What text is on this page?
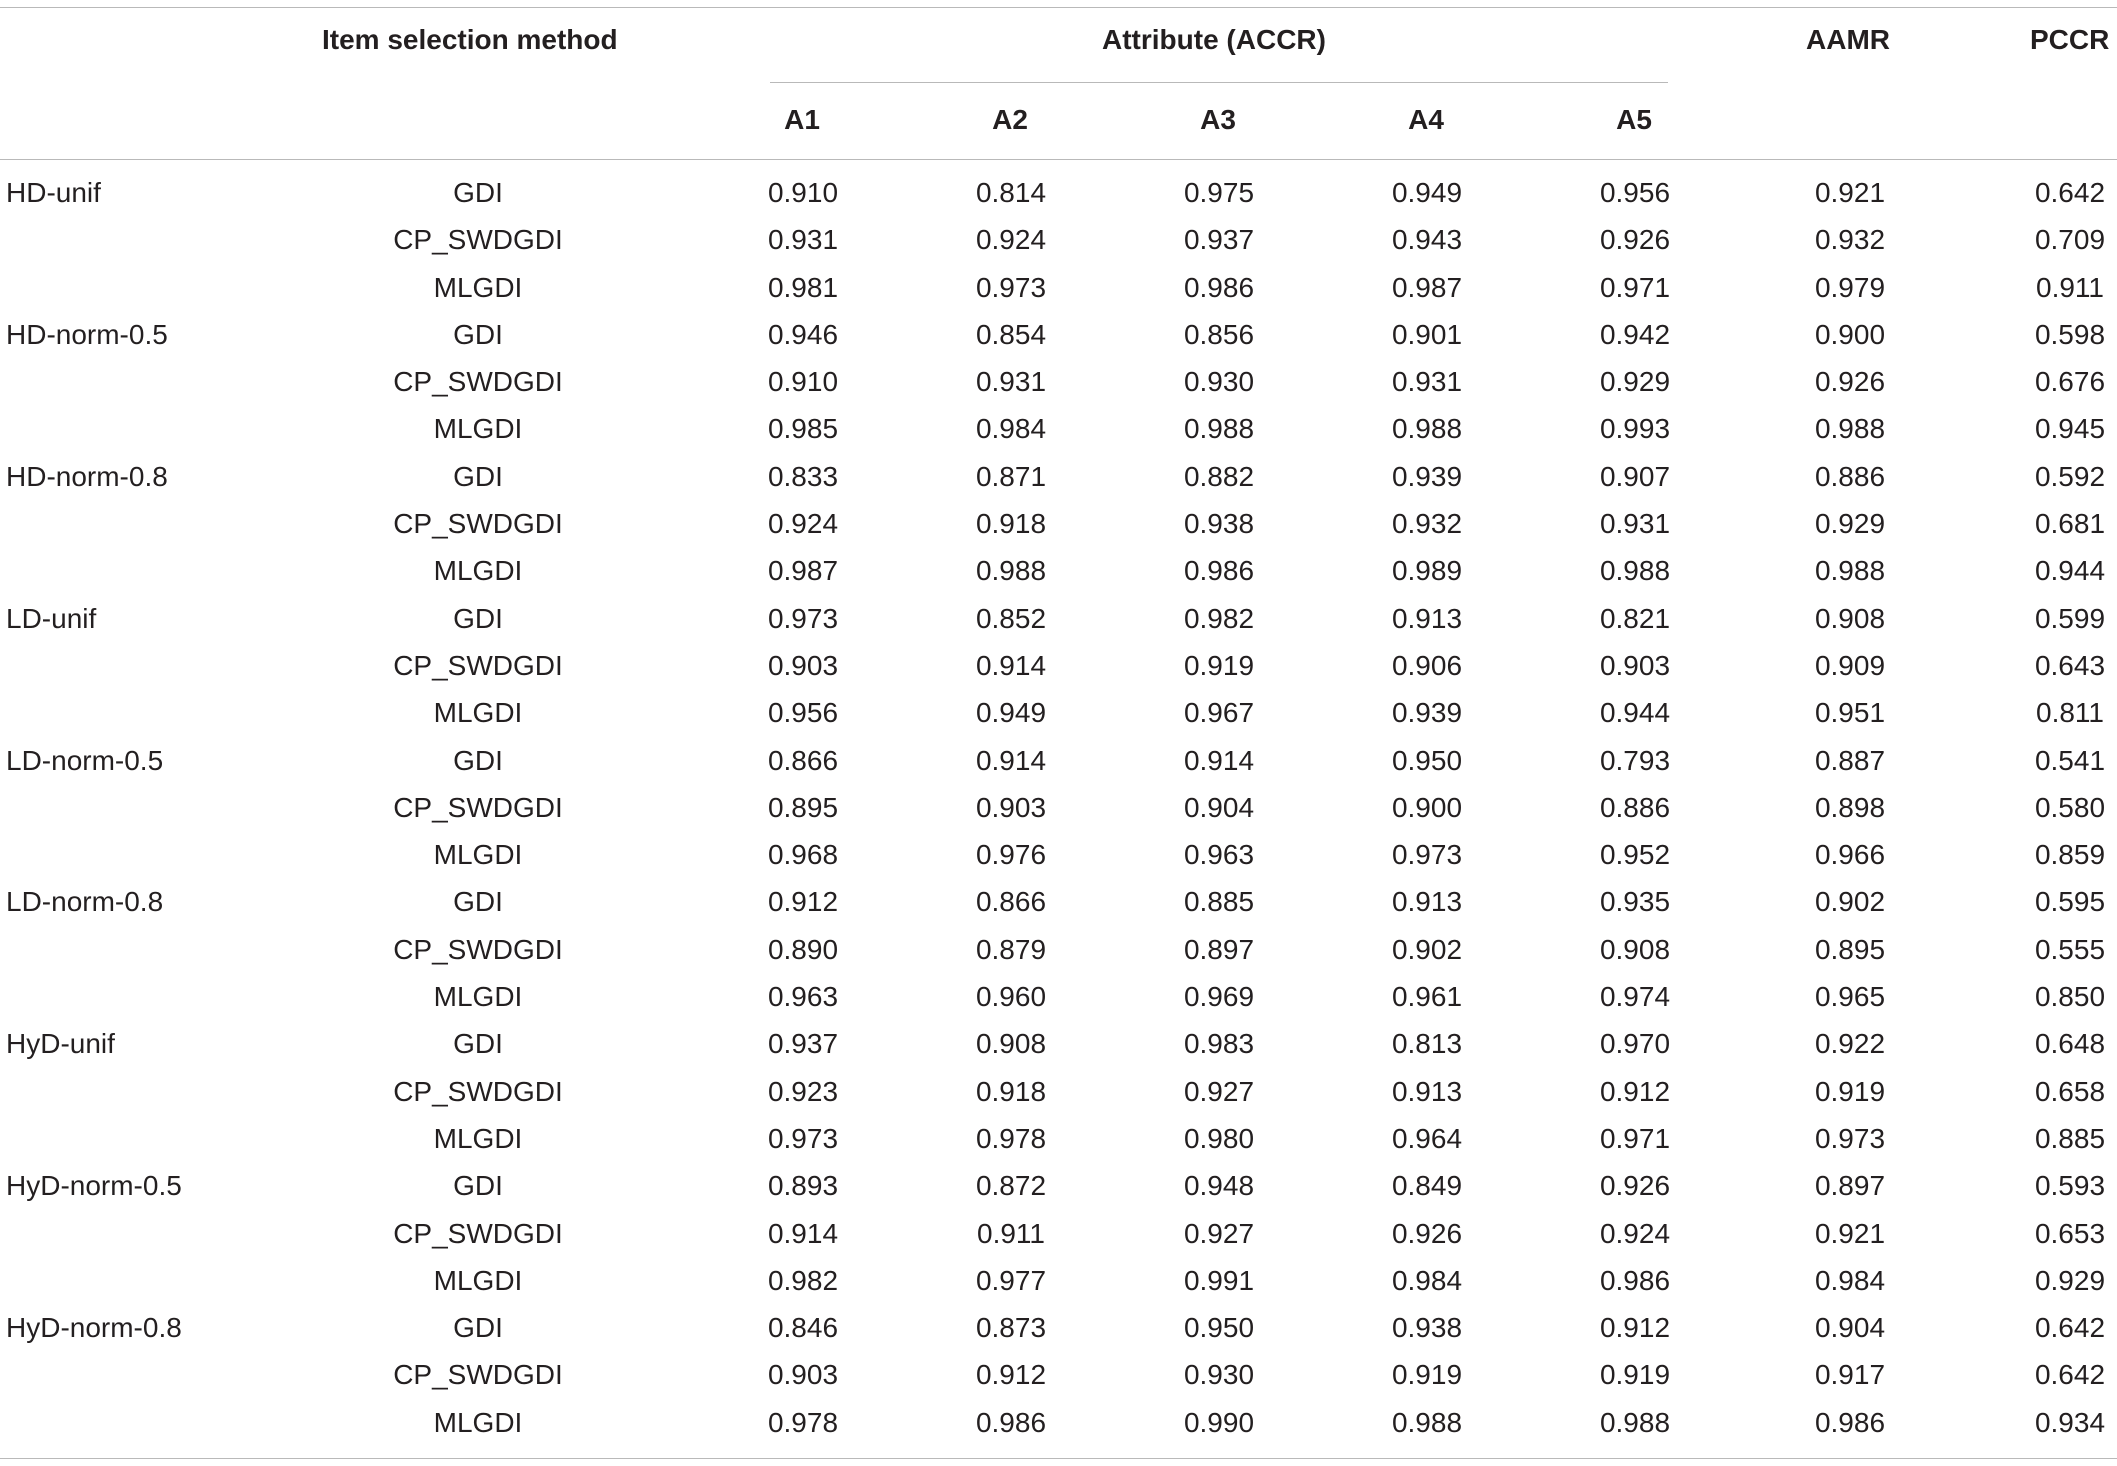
Item selection method	Attribute (ACCR)	AAMR	PCCR
A1	A2	A3	A4	A5
HD-unif	GDI	0.910	0.814	0.975	0.949	0.956	0.921	0.642
CP_SWDGDI	0.931	0.924	0.937	0.943	0.926	0.932	0.709
MLGDI	0.981	0.973	0.986	0.987	0.971	0.979	0.911
HD-norm-0.5	GDI	0.946	0.854	0.856	0.901	0.942	0.900	0.598
CP_SWDGDI	0.910	0.931	0.930	0.931	0.929	0.926	0.676
MLGDI	0.985	0.984	0.988	0.988	0.993	0.988	0.945
HD-norm-0.8	GDI	0.833	0.871	0.882	0.939	0.907	0.886	0.592
CP_SWDGDI	0.924	0.918	0.938	0.932	0.931	0.929	0.681
MLGDI	0.987	0.988	0.986	0.989	0.988	0.988	0.944
LD-unif	GDI	0.973	0.852	0.982	0.913	0.821	0.908	0.599
CP_SWDGDI	0.903	0.914	0.919	0.906	0.903	0.909	0.643
MLGDI	0.956	0.949	0.967	0.939	0.944	0.951	0.811
LD-norm-0.5	GDI	0.866	0.914	0.914	0.950	0.793	0.887	0.541
CP_SWDGDI	0.895	0.903	0.904	0.900	0.886	0.898	0.580
MLGDI	0.968	0.976	0.963	0.973	0.952	0.966	0.859
LD-norm-0.8	GDI	0.912	0.866	0.885	0.913	0.935	0.902	0.595
CP_SWDGDI	0.890	0.879	0.897	0.902	0.908	0.895	0.555
MLGDI	0.963	0.960	0.969	0.961	0.974	0.965	0.850
HyD-unif	GDI	0.937	0.908	0.983	0.813	0.970	0.922	0.648
CP_SWDGDI	0.923	0.918	0.927	0.913	0.912	0.919	0.658
MLGDI	0.973	0.978	0.980	0.964	0.971	0.973	0.885
HyD-norm-0.5	GDI	0.893	0.872	0.948	0.849	0.926	0.897	0.593
CP_SWDGDI	0.914	0.911	0.927	0.926	0.924	0.921	0.653
MLGDI	0.982	0.977	0.991	0.984	0.986	0.984	0.929
HyD-norm-0.8	GDI	0.846	0.873	0.950	0.938	0.912	0.904	0.642
CP_SWDGDI	0.903	0.912	0.930	0.919	0.919	0.917	0.642
MLGDI	0.978	0.986	0.990	0.988	0.988	0.986	0.934
